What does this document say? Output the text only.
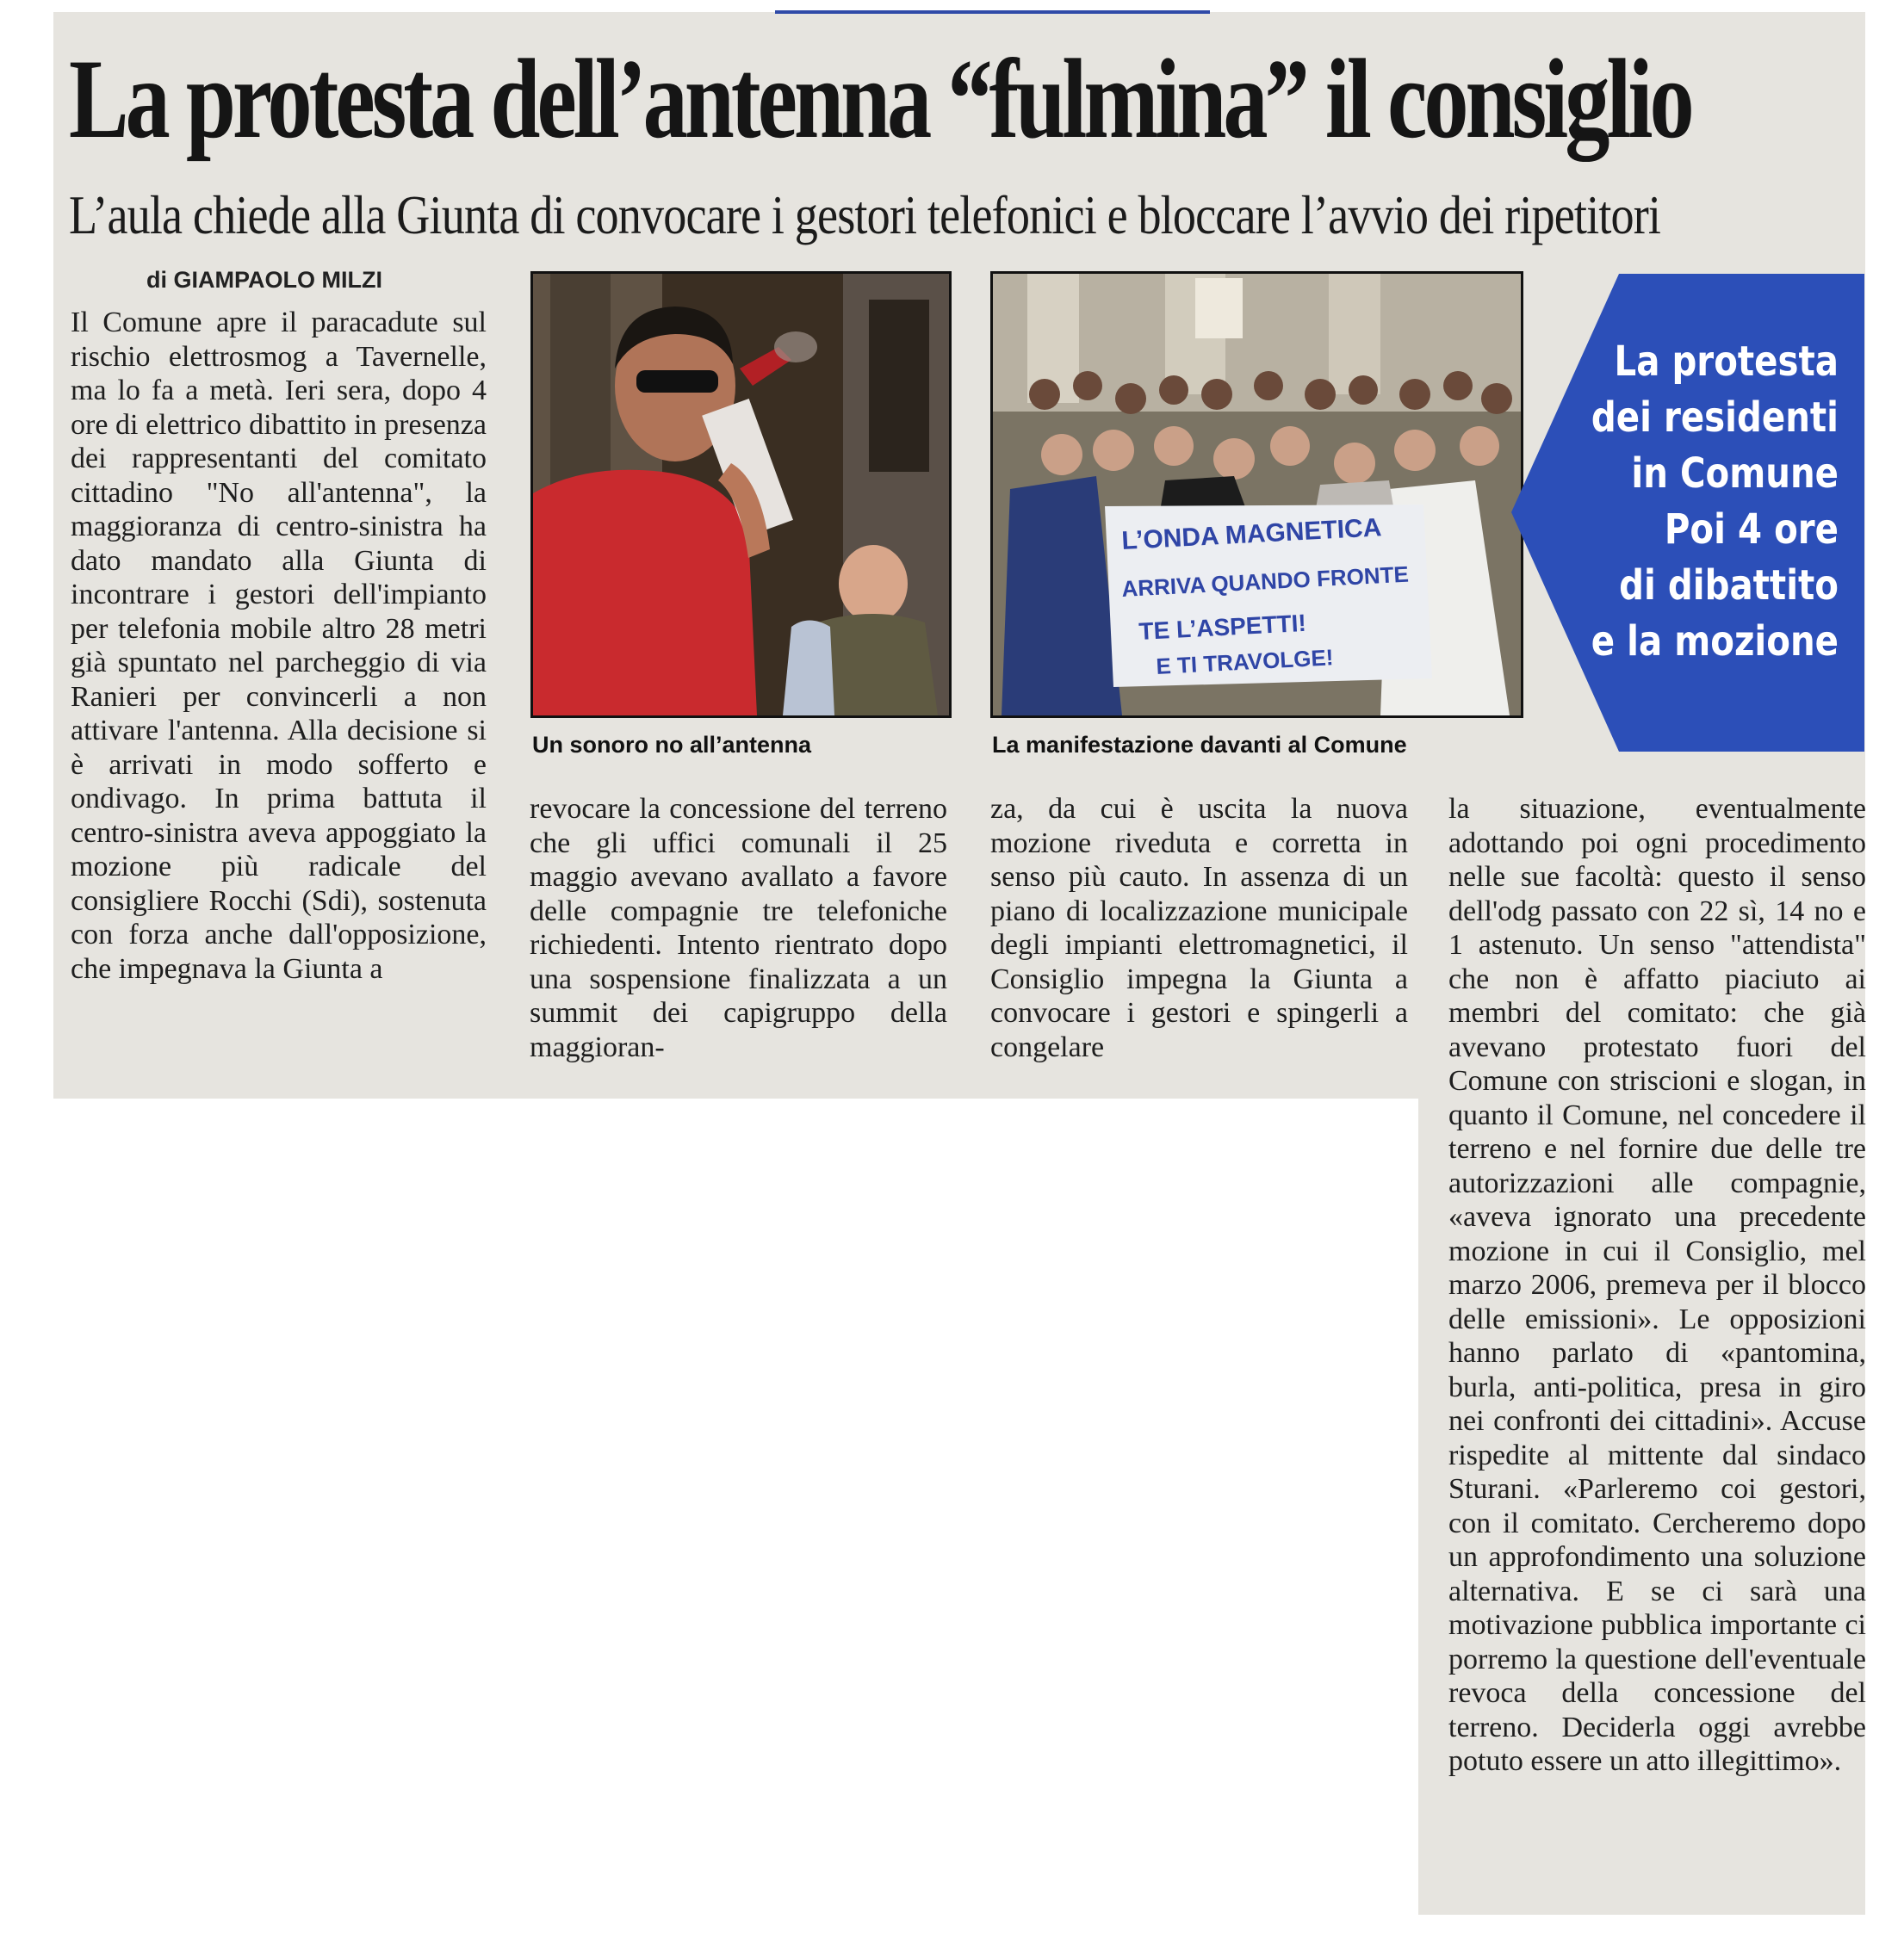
La protesta dell’antenna “fulmina” il consiglio
L’aula chiede alla Giunta di convocare i gestori telefonici e bloccare l’avvio dei ripetitori
di GIAMPAOLO MILZI
Il Comune apre il paracadute sul rischio elettrosmog a Tavernelle, ma lo fa a metà. Ieri sera, dopo 4 ore di elettrico dibattito in presenza dei rappresentanti del comitato cittadino "No all'antenna", la maggioranza di centro-sinistra ha dato mandato alla Giunta di incontrare i gestori dell'impianto per telefonia mobile altro 28 metri già spuntato nel parcheggio di via Ranieri per convincerli a non attivare l'antenna. Alla decisione si è arrivati in modo sofferto e ondivago. In prima battuta il centro-sinistra aveva appoggiato la mozione più radicale del consigliere Rocchi (Sdi), sostenuta con forza anche dall'opposizione, che impegnava la Giunta a
Un sonoro no all’antenna
L’ONDA MAGNETICA
ARRIVA QUANDO FRONTE
TE L’ASPETTI!
E TI TRAVOLGE!
La manifestazione davanti al Comune

La protesta
dei residenti
in Comune
Poi 4 ore
di dibattito
e la mozione

revocare la concessione del terreno che gli uffici comunali il 25 maggio avevano avallato a favore delle compagnie tre telefoniche richiedenti. Intento rientrato dopo una sospensione finalizzata a un summit dei capigruppo della maggioran-
za, da cui è uscita la nuova mozione riveduta e corretta in senso più cauto. In assenza di un piano di localizzazione municipale degli impianti elettromagnetici, il Consiglio impegna la Giunta a convocare i gestori e spingerli a congelare
la situazione, eventualmente adottando poi ogni procedimento nelle sue facoltà: questo il senso dell'odg passato con 22 sì, 14 no e 1 astenuto. Un senso "attendista" che non è affatto piaciuto ai membri del comitato: che già avevano protestato fuori del Comune con striscioni e slogan, in quanto il Comune, nel concedere il terreno e nel fornire due delle tre autorizzazioni alle compagnie, «aveva ignorato una precedente mozione in cui il Consiglio, mel marzo 2006, premeva per il blocco delle emissioni». Le opposizioni hanno parlato di «pantomina, burla, anti-politica, presa in giro nei confronti dei cittadini». Accuse rispedite al mittente dal sindaco Sturani. «Parleremo coi gestori, con il comitato. Cercheremo dopo un approfondimento una soluzione alternativa. E se ci sarà una motivazione pubblica importante ci porremo la questione dell'eventuale revoca della concessione del terreno. Deciderla oggi avrebbe potuto essere un atto illegittimo».
